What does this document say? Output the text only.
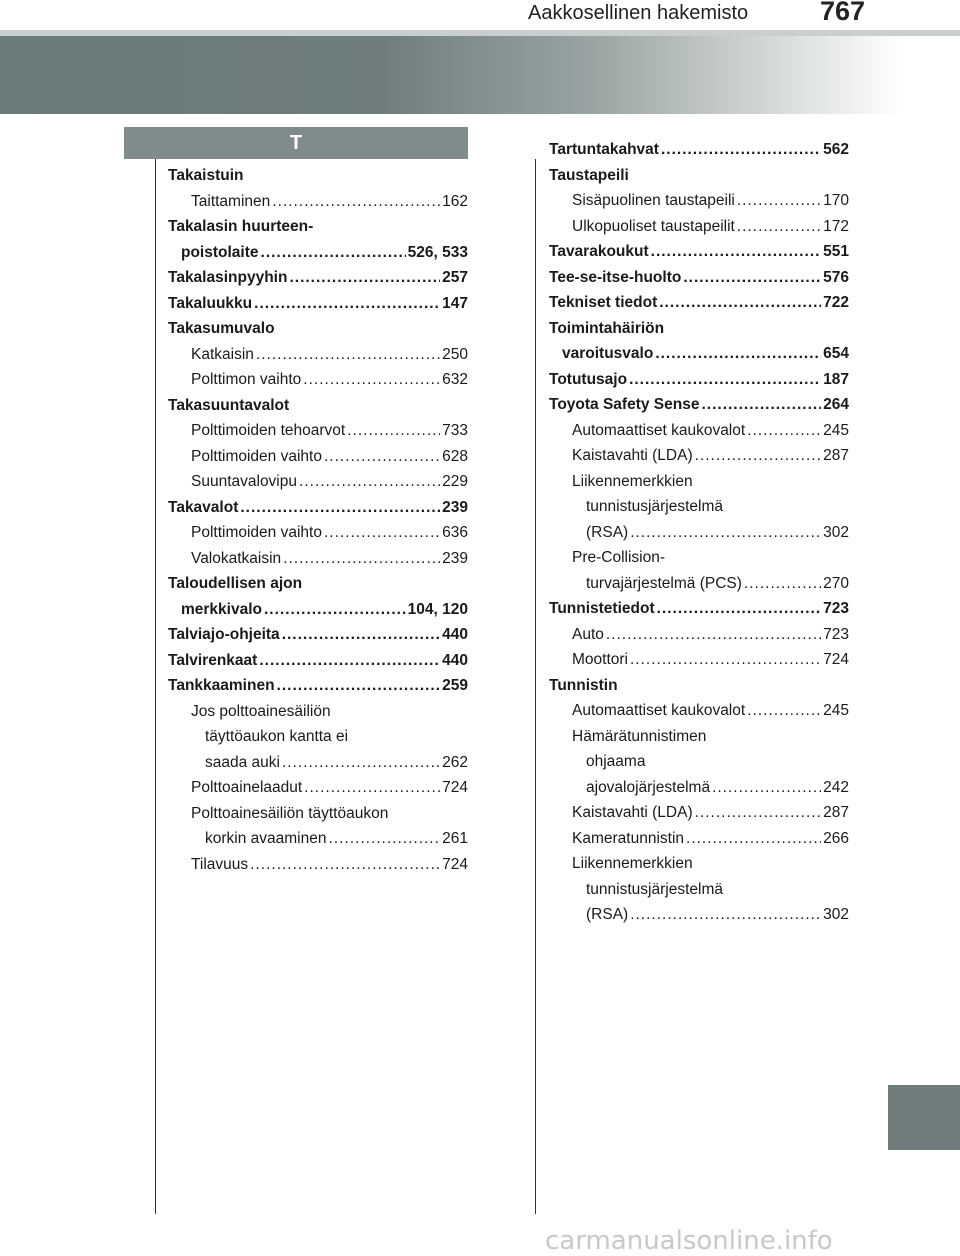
Aakkosellinen hakemisto	767
T
Takaistuin
Taittaminen .....	162
Takalasin huurteen-
poistolaite .....	526, 533
Takalasinpyyhin .....	257
Takaluukku .....	147
Takasumuvalo
Katkaisin .....	250
Polttimon vaihto .....	632
Takasuuntavalot
Polttimoiden tehoarvot .....	733
Polttimoiden vaihto .....	628
Suuntavalovipu .....	229
Takavalot .....	239
Polttimoiden vaihto .....	636
Valokatkaisin .....	239
Taloudellisen ajon
merkkivalo .....	104, 120
Talviajo-ohjeita .....	440
Talvirenkaat .....	440
Tankkaaminen .....	259
Jos polttoainesäiliön
täyttöaukon kantta ei
saada auki .....	262
Polttoainelaadut .....	724
Polttoainesäiliön täyttöaukon
korkin avaaminen .....	261
Tilavuus .....	724
Tartuntakahvat .....	562
Taustapeili
Sisäpuolinen taustapeili .....	170
Ulkopuoliset taustapeilit .....	172
Tavarakoukut .....	551
Tee-se-itse-huolto .....	576
Tekniset tiedot .....	722
Toimintahäiriön
varoitusvalo .....	654
Totutusajo .....	187
Toyota Safety Sense .....	264
Automaattiset kaukovalot .....	245
Kaistavahti (LDA) .....	287
Liikennemerkkien
tunnistusjärjestelmä
(RSA) .....	302
Pre-Collision-
turvajärjestelmä (PCS) .....	270
Tunnistetiedot .....	723
Auto .....	723
Moottori .....	724
Tunnistin
Automaattiset kaukovalot .....	245
Hämärätunnistimen
ohjaama
ajovalojärjestelmä .....	242
Kaistavahti (LDA) .....	287
Kameratunnistin .....	266
Liikennemerkkien
tunnistusjärjestelmä
(RSA) .....	302
carmanualsonline.info
